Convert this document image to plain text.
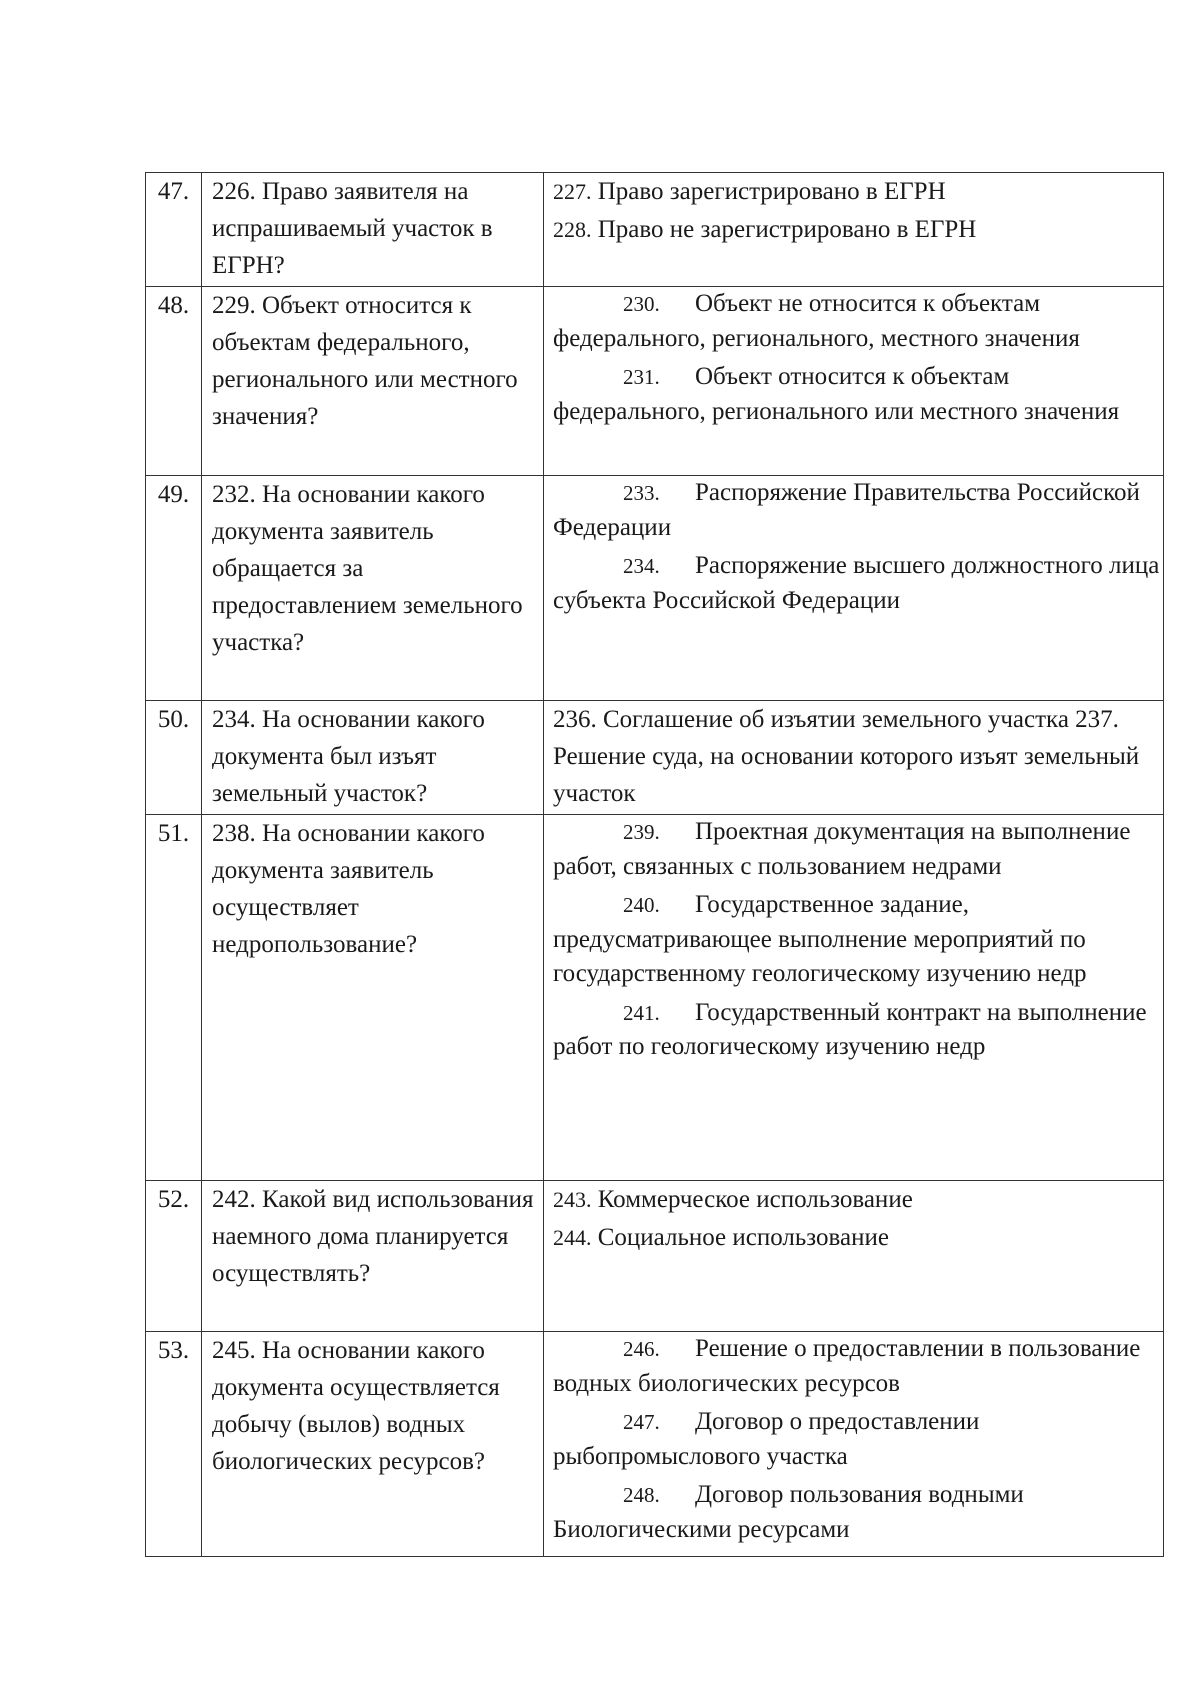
47.	226. Право заявителя на испрашиваемый участок в ЕГРН?	227. Право зарегистрировано в ЕГРН
228. Право не зарегистрировано в ЕГРН

48.	229. Объект относится к объектам федерального, регионального или местного значения?	230. Объект не относится к объектам федерального, регионального, местного значения

231. Объект относится к объектам федерального, регионального или местного значения

49.	232. На основании какого документа заявитель обращается за предоставлением земельного участка?	233. Распоряжение Правительства Российской Федерации

234. Распоряжение высшего должностного лица субъекта Российской Федерации

50.	234. На основании какого документа был изъят земельный участок?	236. Соглашение об изъятии земельного участка 237. Решение суда, на основании которого изъят земельный участок

51.	238. На основании какого документа заявитель осуществляет недропользование?	239. Проектная документация на выполнение работ, связанных с пользованием недрами

240. Государственное задание, предусматривающее выполнение мероприятий по государственному геологическому изучению недр

241. Государственный контракт на выполнение работ по геологическому изучению недр

52.	242. Какой вид использования наемного дома планируется осуществлять?	243. Коммерческое использование
244. Социальное использование

53.	245. На основании какого документа осуществляется добычу (вылов) водных биологических ресурсов?	246. Решение о предоставлении в пользование водных биологических ресурсов

247. Договор о предоставлении рыбопромыслового участка

248. Договор пользования водными Биологическими ресурсами
